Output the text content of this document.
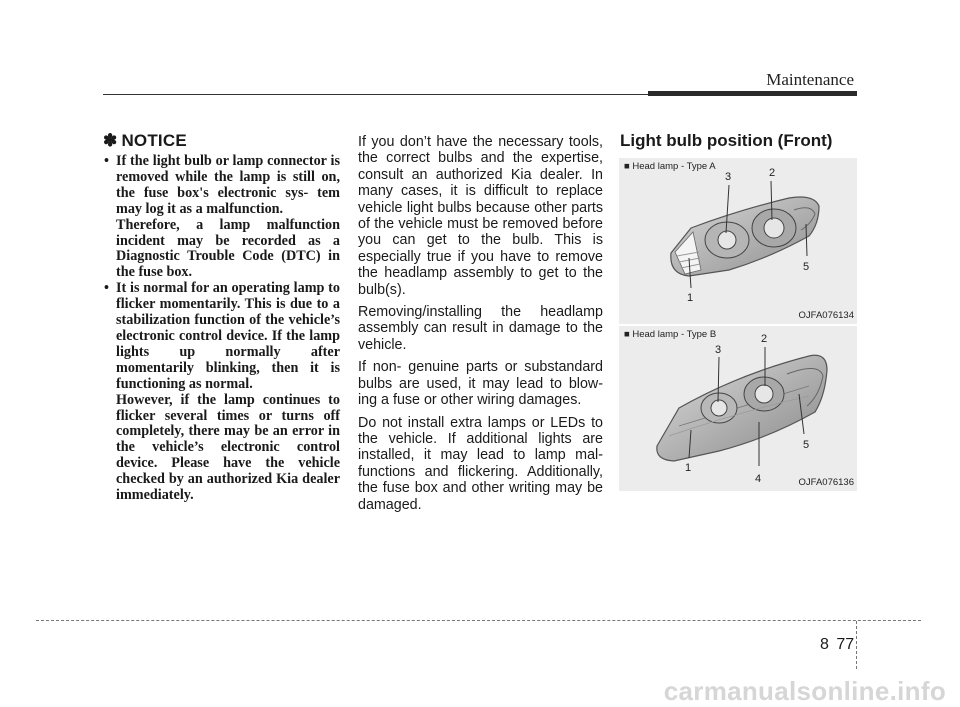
Maintenance
✽ NOTICE
• If the light bulb or lamp connector is removed while the lamp is still on, the fuse box's electronic sys- tem may log it as a malfunction.
Therefore, a lamp malfunction incident may be recorded as a Diagnostic Trouble Code (DTC) in the fuse box.
• It is normal for an operating lamp to flicker momentarily. This is due to a stabilization function of the vehicle’s electronic control device. If the lamp lights up normally after momentarily blinking, then it is functioning as normal.
However, if the lamp continues to flicker several times or turns off completely, there may be an error in the vehicle’s electronic control device. Please have the vehicle checked by an authorized Kia dealer immediately.

If you don’t have the necessary tools, the correct bulbs and the expertise, consult an authorized Kia dealer. In many cases, it is difficult to replace vehicle light bulbs because other parts of the vehicle must be removed before you can get to the bulb. This is especially true if you have to remove the headlamp assembly to get to the bulb(s).

Removing/installing the headlamp assembly can result in damage to the vehicle.

If non- genuine parts or substandard bulbs are used, it may lead to blow- ing a fuse or other wiring damages.

Do not install extra lamps or LEDs to the vehicle. If additional lights are installed, it may lead to lamp mal- functions and flickering. Additionally, the fuse box and other writing may be damaged.

Light bulb position (Front)
3	2
5
1
■ Head lamp - Type A
OJFA076134
2
3
5
1
4
■ Head lamp - Type B
OJFA076136
8 77
carmanualsonline.info
